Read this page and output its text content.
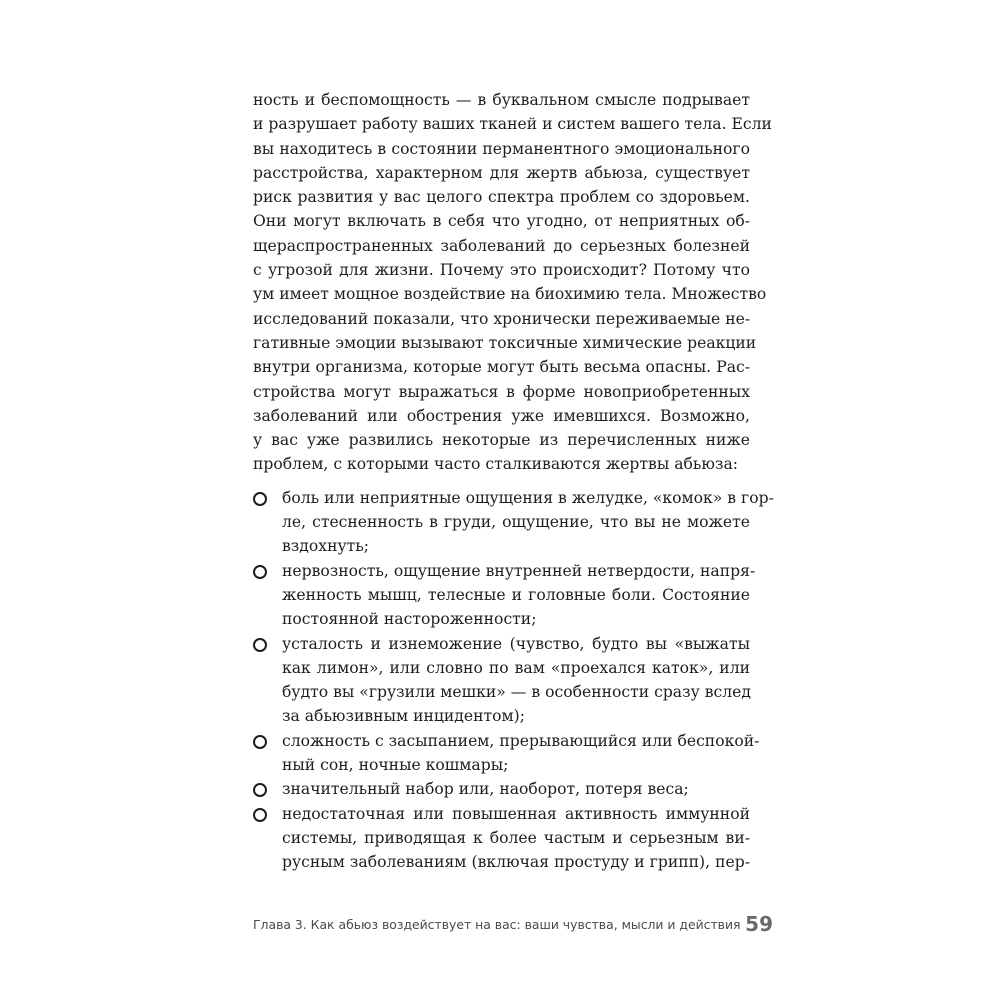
ность и беспомощность — в буквальном смысле подрывает
и разрушает работу ваших тканей и систем вашего тела. Если
вы находитесь в состоянии перманентного эмоционального
расстройства, характерном для жертв абьюза, существует
риск развития у вас целого спектра проблем со здоровьем.
Они могут включать в себя что угодно, от неприятных об-
щераспространенных заболеваний до серьезных болезней
с угрозой для жизни. Почему это происходит? Потому что
ум имеет мощное воздействие на биохимию тела. Множество
исследований показали, что хронически переживаемые не-
гативные эмоции вызывают токсичные химические реакции
внутри организма, которые могут быть весьма опасны. Рас-
стройства могут выражаться в форме новоприобретенных
заболеваний или обострения уже имевшихся. Возможно,
у вас уже развились некоторые из перечисленных ниже
проблем, с которыми часто сталкиваются жертвы абьюза:
боль или неприятные ощущения в желудке, «комок» в гор-
ле, стесненность в груди, ощущение, что вы не можете
вздохнуть;
нервозность, ощущение внутренней нетвердости, напря-
женность мышц, телесные и головные боли. Состояние
постоянной настороженности;
усталость и изнеможение (чувство, будто вы «выжаты
как лимон», или словно по вам «проехался каток», или
будто вы «грузили мешки» — в особенности сразу вслед
за абьюзивным инцидентом);
сложность с засыпанием, прерывающийся или беспокой-
ный сон, ночные кошмары;
значительный набор или, наоборот, потеря веса;
недостаточная или повышенная активность иммунной
системы, приводящая к более частым и серьезным ви-
русным заболеваниям (включая простуду и грипп), пер-
Глава 3. Как абьюз воздействует на вас: ваши чувства, мысли и действия 59
